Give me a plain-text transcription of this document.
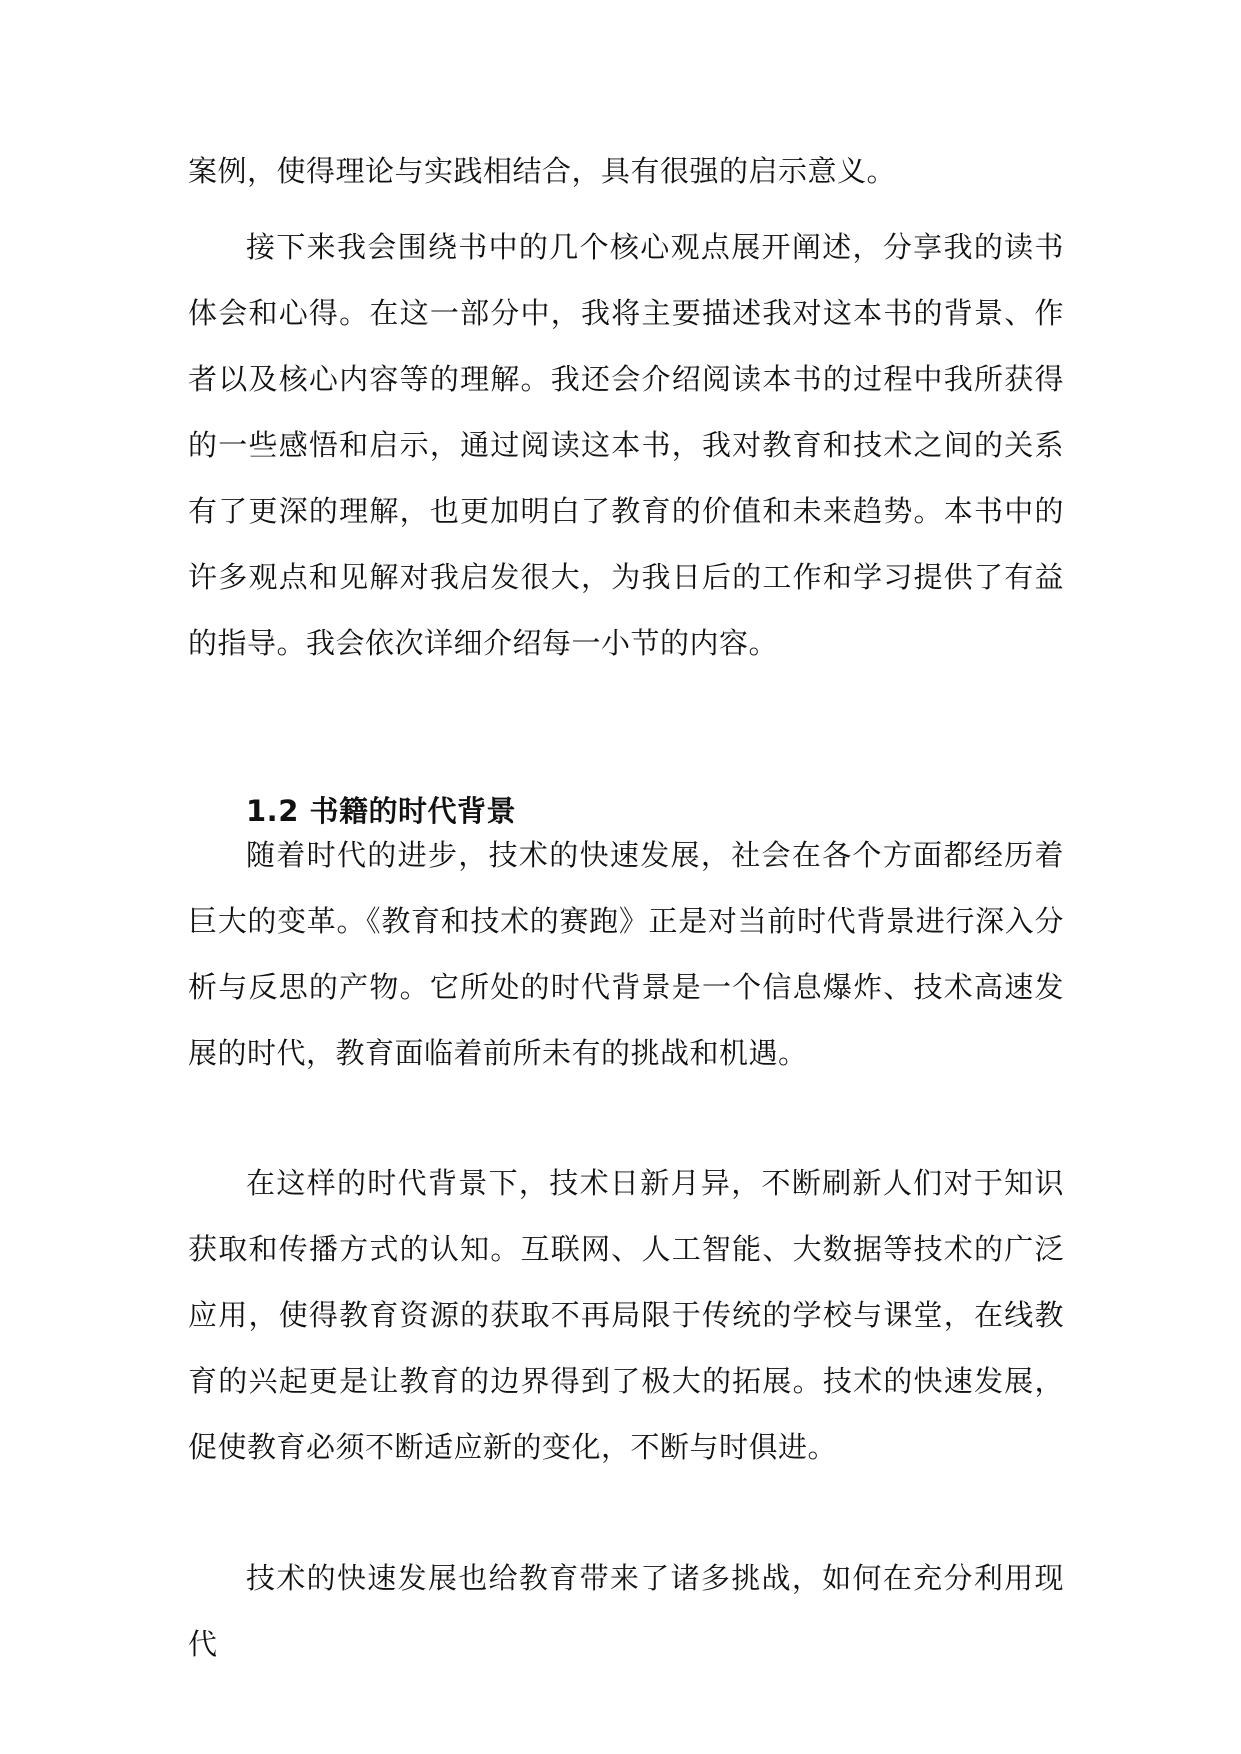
案例，使得理论与实践相结合，具有很强的启示意义。

接下来我会围绕书中的几个核心观点展开阐述，分享我的读书体会和心得。在这一部分中，我将主要描述我对这本书的背景、作者以及核心内容等的理解。我还会介绍阅读本书的过程中我所获得的一些感悟和启示，通过阅读这本书，我对教育和技术之间的关系有了更深的理解，也更加明白了教育的价值和未来趋势。本书中的许多观点和见解对我启发很大，为我日后的工作和学习提供了有益的指导。我会依次详细介绍每一小节的内容。

1.2 书籍的时代背景

随着时代的进步，技术的快速发展，社会在各个方面都经历着巨大的变革。《教育和技术的赛跑》正是对当前时代背景进行深入分析与反思的产物。它所处的时代背景是一个信息爆炸、技术高速发展的时代，教育面临着前所未有的挑战和机遇。

在这样的时代背景下，技术日新月异，不断刷新人们对于知识获取和传播方式的认知。互联网、人工智能、大数据等技术的广泛应用，使得教育资源的获取不再局限于传统的学校与课堂，在线教育的兴起更是让教育的边界得到了极大的拓展。技术的快速发展，促使教育必须不断适应新的变化，不断与时俱进。

技术的快速发展也给教育带来了诸多挑战，如何在充分利用现代
